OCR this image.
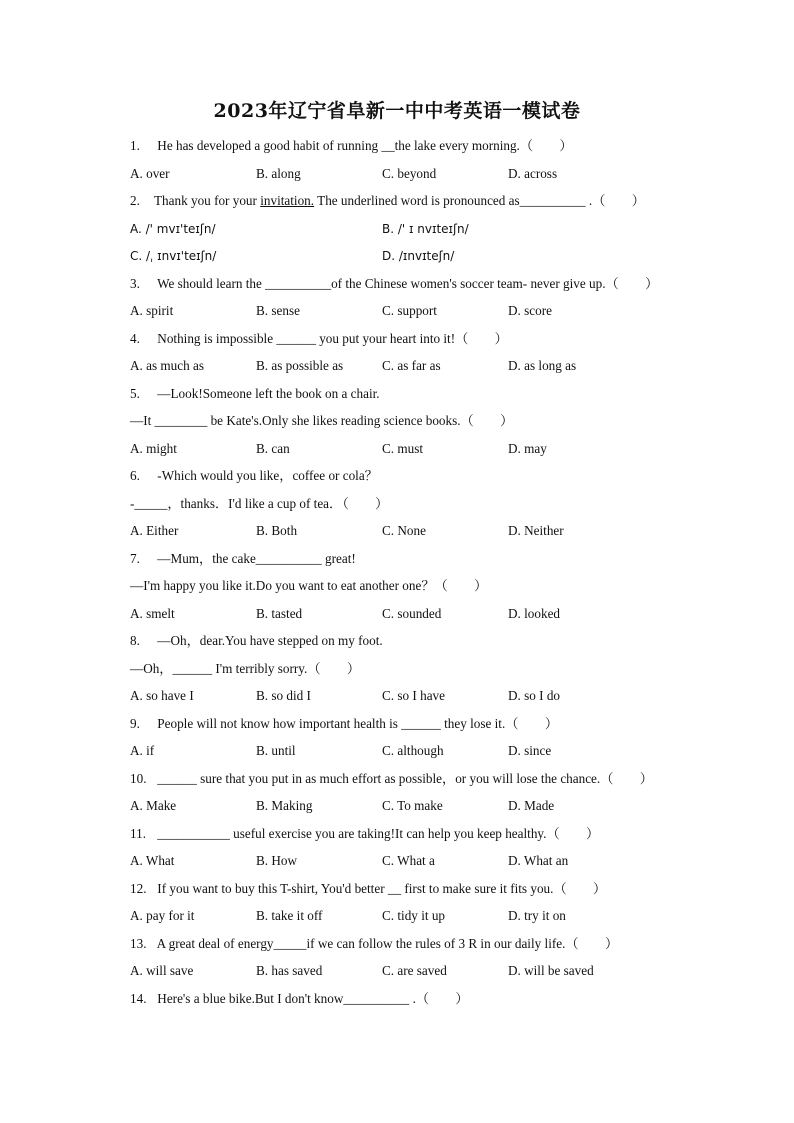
2023年辽宁省阜新一中中考英语一模试卷
1. He has developed a good habit of running __the lake every morning.（　　）
A. over	B. along	C. beyond	D. across
2. Thank you for your invitation. The underlined word is pronounced as__________ .（　　）
A. /' mvɪ'teɪʃn/	B. /' ɪ nvɪteɪʃn/
C. /ˌ ɪnvɪ'teɪʃn/	D. /ɪnvɪteʃn/
3. We should learn the __________of the Chinese women's soccer team- never give up.（　　）
A. spirit	B. sense	C. support	D. score
4. Nothing is impossible ______ you put your heart into it!（　　）
A. as much as	B. as possible as	C. as far as	D. as long as
5. —Look!Someone left the book on a chair.
—It ________ be Kate's.Only she likes reading science books.（　　）
A. might	B. can	C. must	D. may
6. -Which would you like，coffee or cola？
-_____，thanks．I'd like a cup of tea．（　　）
A. Either	B. Both	C. None	D. Neither
7. —Mum，the cake__________ great!
—I'm happy you like it.Do you want to eat another one？（　　）
A. smelt	B. tasted	C. sounded	D. looked
8. —Oh，dear.You have stepped on my foot.
—Oh，______ I'm terribly sorry.（　　）
A. so have I	B. so did I	C. so I have	D. so I do
9. People will not know how important health is ______ they lose it.（　　）
A. if	B. until	C. although	D. since
10. ______ sure that you put in as much effort as possible，or you will lose the chance.（　　）
A. Make	B. Making	C. To make	D. Made
11. ___________ useful exercise you are taking!It can help you keep healthy.（　　）
A. What	B. How	C. What a	D. What an
12. If you want to buy this T-shirt, You'd better __ first to make sure it fits you.（　　）
A. pay for it	B. take it off	C. tidy it up	D. try it on
13. A great deal of energy_____if we can follow the rules of 3 R in our daily life.（　　）
A. will save	B. has saved	C. are saved	D. will be saved
14. Here's a blue bike.But I don't know__________ .（　　）
